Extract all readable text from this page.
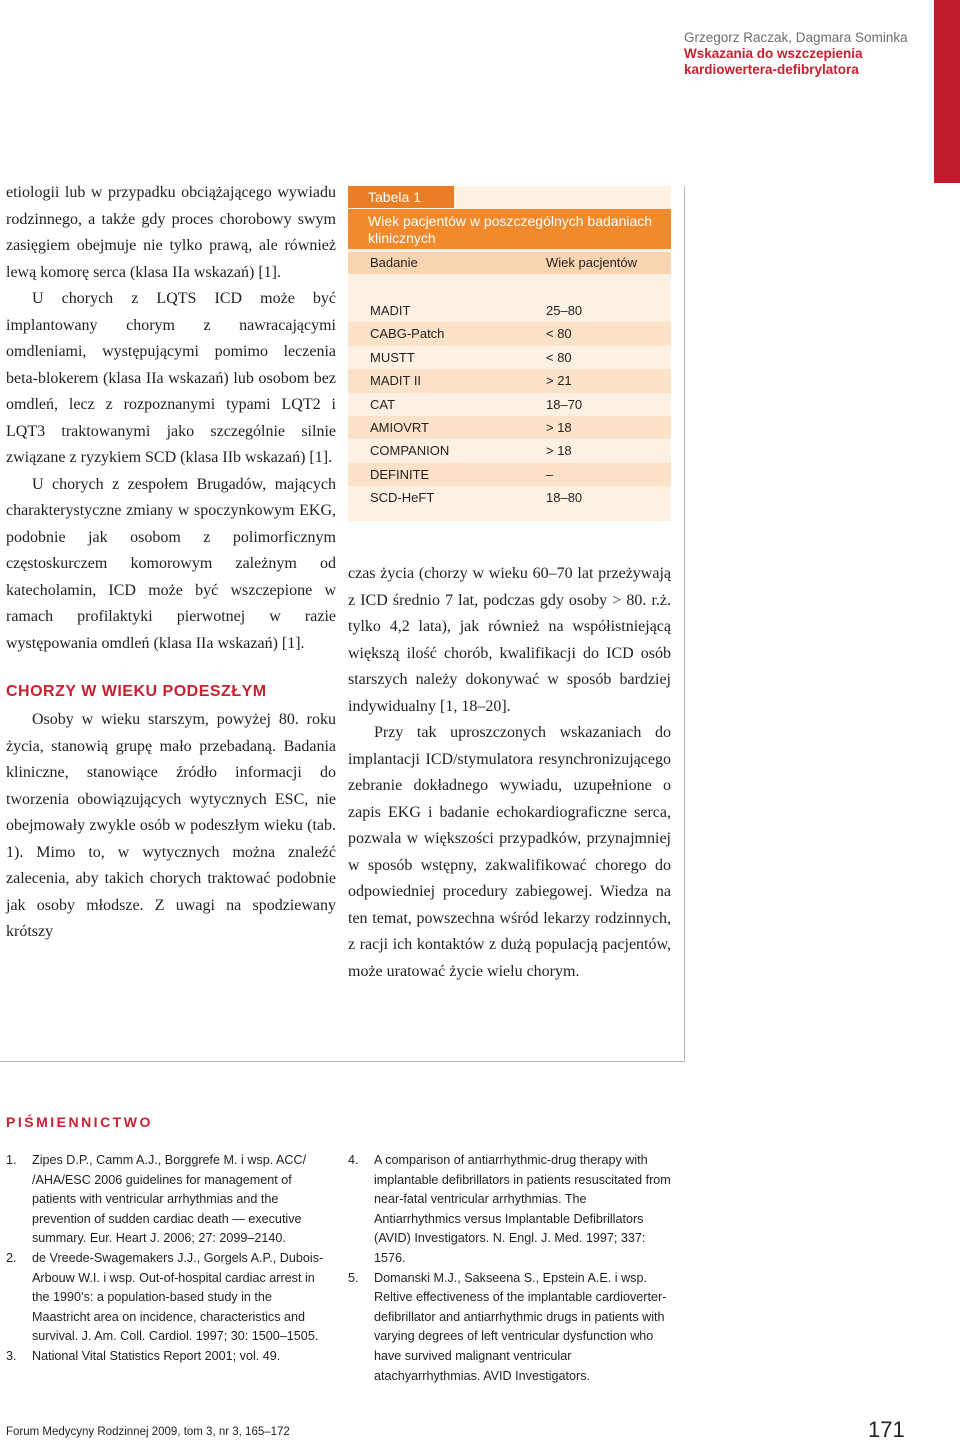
Grzegorz Raczak, Dagmara Sominka
Wskazania do wszczepienia
kardiowertera-defibrylatora

etiologii lub w przypadku obciążającego wywiadu rodzinnego, a także gdy proces chorobowy swym zasięgiem obejmuje nie tylko prawą, ale również lewą komorę serca (klasa IIa wskazań) [1].

U chorych z LQTS ICD może być implantowany chorym z nawracającymi omdleniami, występującymi pomimo leczenia beta-blokerem (klasa IIa wskazań) lub osobom bez omdleń, lecz z rozpoznanymi typami LQT2 i LQT3 traktowanymi jako szczególnie silnie związane z ryzykiem SCD (klasa IIb wskazań) [1].

U chorych z zespołem Brugadów, mających charakterystyczne zmiany w spoczynkowym EKG, podobnie jak osobom z polimorficznym częstoskurczem komorowym zależnym od katecholamin, ICD może być wszczepione w ramach profilaktyki pierwotnej w razie występowania omdleń (klasa IIa wskazań) [1].

CHORZY W WIEKU PODESZŁYM

Osoby w wieku starszym, powyżej 80. roku życia, stanowią grupę mało przebadaną. Badania kliniczne, stanowiące źródło informacji do tworzenia obowiązujących wytycznych ESC, nie obejmowały zwykle osób w podeszłym wieku (tab. 1). Mimo to, w wytycznych można znaleźć zalecenia, aby takich chorych traktować podobnie jak osoby młodsze. Z uwagi na spodziewany krótszy

Tabela 1
Wiek pacjentów w poszczególnych badaniach klinicznych
Badanie	Wiek pacjentów
MADIT	25–80
CABG-Patch	< 80
MUSTT	< 80
MADIT II	> 21
CAT	18–70
AMIOVRT	> 18
COMPANION	> 18
DEFINITE	–
SCD-HeFT	18–80

czas życia (chorzy w wieku 60–70 lat przeżywają z ICD średnio 7 lat, podczas gdy osoby > 80. r.ż. tylko 4,2 lata), jak również na współistniejącą większą ilość chorób, kwalifikacji do ICD osób starszych należy dokonywać w sposób bardziej indywidualny [1, 18–20].

Przy tak uproszczonych wskazaniach do implantacji ICD/stymulatora resynchronizującego zebranie dokładnego wywiadu, uzupełnione o zapis EKG i badanie echokardiograficzne serca, pozwala w większości przypadków, przynajmniej w sposób wstępny, zakwalifikować chorego do odpowiedniej procedury zabiegowej. Wiedza na ten temat, powszechna wśród lekarzy rodzinnych, z racji ich kontaktów z dużą populacją pacjentów, może uratować życie wielu chorym.

PIŚMIENNICTWO
1.	Zipes D.P., Camm A.J., Borggrefe M. i wsp. ACC/ /AHA/ESC 2006 guidelines for management of patients with ventricular arrhythmias and the prevention of sudden cardiac death — executive summary. Eur. Heart J. 2006; 27: 2099–2140.
2.	de Vreede-Swagemakers J.J., Gorgels A.P., Dubois-Arbouw W.I. i wsp. Out-of-hospital cardiac arrest in the 1990’s: a population-based study in the Maastricht area on incidence, characteristics and survival. J. Am. Coll. Cardiol. 1997; 30: 1500–1505.
3.	National Vital Statistics Report 2001; vol. 49.
4.	A comparison of antiarrhythmic-drug therapy with implantable defibrillators in patients resuscitated from near-fatal ventricular arrhythmias. The Antiarrhythmics versus Implantable Defibrillators (AVID) Investigators. N. Engl. J. Med. 1997; 337: 1576.
5.	Domanski M.J., Sakseena S., Epstein A.E. i wsp. Reltive effectiveness of the implantable cardioverter-defibrillator and antiarrhythmic drugs in patients with varying degrees of left ventricular dysfunction who have survived malignant ventricular atachyarrhythmias. AVID Investigators.
Forum Medycyny Rodzinnej 2009, tom 3, nr 3, 165–172	171
